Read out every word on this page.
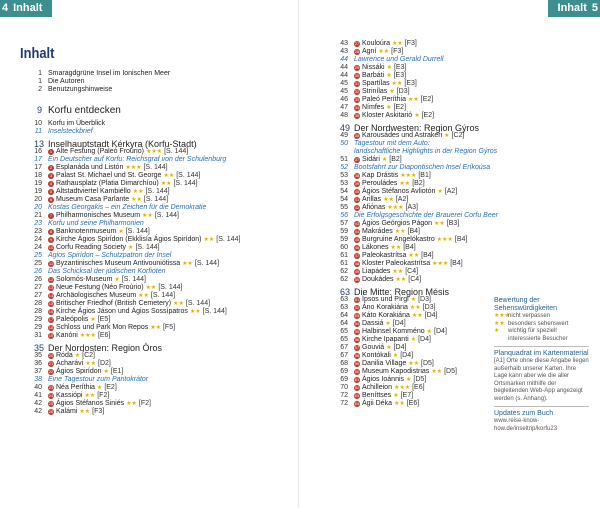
4 Inhalt	Inhalt 5
Inhalt
1 Smaragdgrüne Insel im Ionischen Meer
1 Die Autoren
2 Benutzungshinweise
9 Korfu entdecken
10 Korfu im Überblick
11 Inselsteckbrief
13 Inselhauptstadt Kérkyra (Korfu-Stadt)
16 1 Alte Festung (Paleó Froúrio) ★★★ [S. 144]
17 Ein Deutscher auf Korfu: Reichsgraf von der Schulenburg
17 2 Esplanáda und Listón ★★★ [S. 144]
18 3 Palast St. Michael und St. George ★★ [S. 144]
19 4 Rathausplatz (Platia Dimarchíou) ★★ [S. 144]
19 5 Altstadtviertel Kambiéllo ★★ [S. 144]
20 6 Museum Casa Parlante ★★ [S. 144]
20 Kostas Georgakis – ein Zeichen für die Demokratie
21 7 Philharmonisches Museum ★★ [S. 144]
23 Korfu und seine Philharmonien
23 8 Banknotenmuseum ★ [S. 144]
24 9 Kirche Ágios Spirídon (Ekklisía Ágios Spirídon) ★★ [S. 144]
24 10 Corfu Reading Society ★ [S. 144]
25 Ágios Spirídon – Schutzpatron der Insel
25 11 Byzantinisches Museum Antivouniótissa ★★ [S. 144]
26 Das Schicksal der jüdischen Korfioten
26 12 Solomós-Museum ★ [S. 144]
27 13 Neue Festung (Néo Froúrio) ★★ [S. 144]
27 14 Archäologisches Museum ★★ [S. 144]
28 15 Britischer Friedhof (British Cemetery) ★★ [S. 144]
28 16 Kirche Ágios Jáson und Ágios Sossípatros ★★ [S. 144]
29 17 Paleópolis ★ [E5]
29 18 Schloss und Park Mon Repos ★★ [F5]
31 19 Kanóni ★★★ [E6]
35 Der Nordosten: Region Óros
35 20 Róda ★ [C2]
36 21 Acharávi ★★ [D2]
37 22 Ágios Spirídon ★ [E1]
38 Eine Tagestour zum Pantokrátor
40 23 Néa Períthia ★ [E2]
41 24 Kassiópi ★★ [F2]
42 25 Ágios Stéfanos Siniés ★★ [F2]
42 26 Kalámi ★★ [F3]
43 27 Kouloúra ★★ [F3]
43 28 Agní ★★ [F3]
44 Lawrence und Gerald Durrell
44 29 Nissáki ★ [E3]
44 30 Barbáti ★ [E3]
45 31 Spartílas ★★ [E3]
45 32 Strinílas ★ [D3]
46 33 Paleó Períthia ★★ [E2]
47 34 Nímfes ★ [E2]
48 35 Kloster Askitarió ★ [E2]
49 Der Nordwesten: Region Gýros
49 36 Karousádes und Astrakeri ★ [C2]
50 Tagestour mit dem Auto:
landschaftliche Highlights in der Region Gýros
51 37 Sidári ★ [B2]
52 Bootsfahrt zur Diapontischen Insel Eríkoúsa
53 38 Kap Drástis ★★★ [B1]
53 39 Perouládes ★★ [B2]
54 40 Ágios Stéfanos Avliotón ★ [A2]
54 41 Arillas ★★ [A2]
55 42 Afiónas ★★★ [A3]
56 Die Erfolgsgeschichte der Brauerei Corfu Beer
57 43 Ágios Geórgios Págon ★★ [B3]
59 44 Makrádes ★★ [B4]
59 45 Burgruine Angelókastro ★★★ [B4]
60 46 Lákones ★★ [B4]
61 47 Paleokastrítsa ★★ [B4]
61 48 Kloster Paleokastrítsa ★★★ [B4]
62 49 Liapádes ★★ [C4]
62 50 Doukádes ★★ [C4]
63 Die Mitte: Region Mésis
63 51 Ípsos und Pírgi ★ [D3]
63 52 Áno Korakiána ★★ [D3]
64 53 Káto Korakiána ★★ [D4]
64 54 Dassiá ★ [D4]
65 55 Halbinsel Komméno ★ [D4]
65 56 Kirche Ipapanti ★ [D4]
67 57 Gouviá ★ [D4]
67 58 Kontókali ★ [D4]
68 59 Danilia Village ★★ [D5]
69 60 Museum Kapodistrias ★★ [D5]
69 61 Ágios Ioánnis ★ [D5]
70 62 Achilleion ★★★ [E6]
72 63 Beníttses ★ [E7]
72 64 Ágii Déka ★★ [E6]
Bewertung der Sehenswürdigkeiten
★★★
nicht verpassen
★★ besonders sehenswert
★	wichtig für speziell interessierte Besucher
Planquadrat im Kartenmaterial
[A1] Orte ohne diese Angabe liegen außerhalb unserer Karten. Ihre Lage kann aber wie die aller Ortsmarken mithilfe der begleitenden Web-App angezeigt werden (s. Anhang).
Updates zum Buch
www.reise-know-how.de/inseltrip/korfu23
